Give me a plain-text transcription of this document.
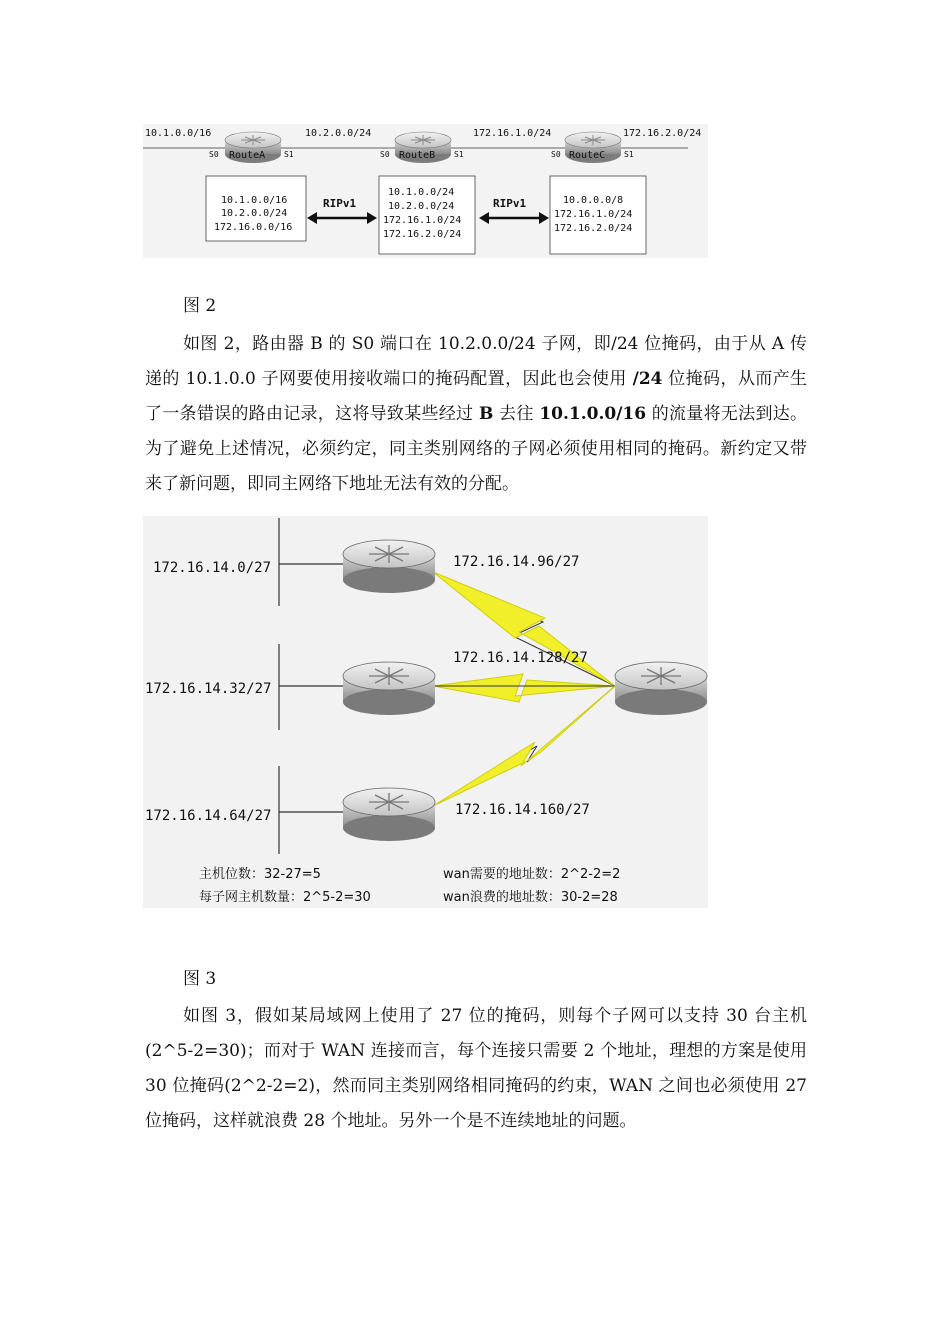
10.1.0.0/16	10.2.0.0/24	172.16.1.0/24	172.16.2.0/24
RouteA	RouteB	RouteC
S0	S1	S0	S1	S0	S1
10.1.0.0/16
10.2.0.0/24
172.16.0.0/16
10.1.0.0/24
10.2.0.0/24
172.16.1.0/24
172.16.2.0/24
10.0.0.0/8
172.16.1.0/24
172.16.2.0/24
RIPv1	RIPv1
图 2

如图 2，路由器 B 的 S0 端口在 10.2.0.0/24 子网，即/24 位掩码，由于从 A 传递的 10.1.0.0 子网要使用接收端口的掩码配置，因此也会使用 /24 位掩码，从而产生了一条错误的路由记录，这将导致某些经过 B 去往 10.1.0.0/16 的流量将无法到达。为了避免上述情况，必须约定，同主类别网络的子网必须使用相同的掩码。新约定又带来了新问题，即同主网络下地址无法有效的分配。

172.16.14.0/27
172.16.14.32/27
172.16.14.64/27
172.16.14.96/27
172.16.14.128/27
172.16.14.160/27
主机位数：32-27=5
每子网主机数量：2^5-2=30
wan需要的地址数：2^2-2=2
wan浪费的地址数：30-2=28
图 3

如图 3，假如某局域网上使用了 27 位的掩码，则每个子网可以支持 30 台主机(2^5-2=30)；而对于 WAN 连接而言，每个连接只需要 2 个地址，理想的方案是使用 30 位掩码(2^2-2=2)，然而同主类别网络相同掩码的约束，WAN 之间也必须使用 27 位掩码，这样就浪费 28 个地址。另外一个是不连续地址的问题。
